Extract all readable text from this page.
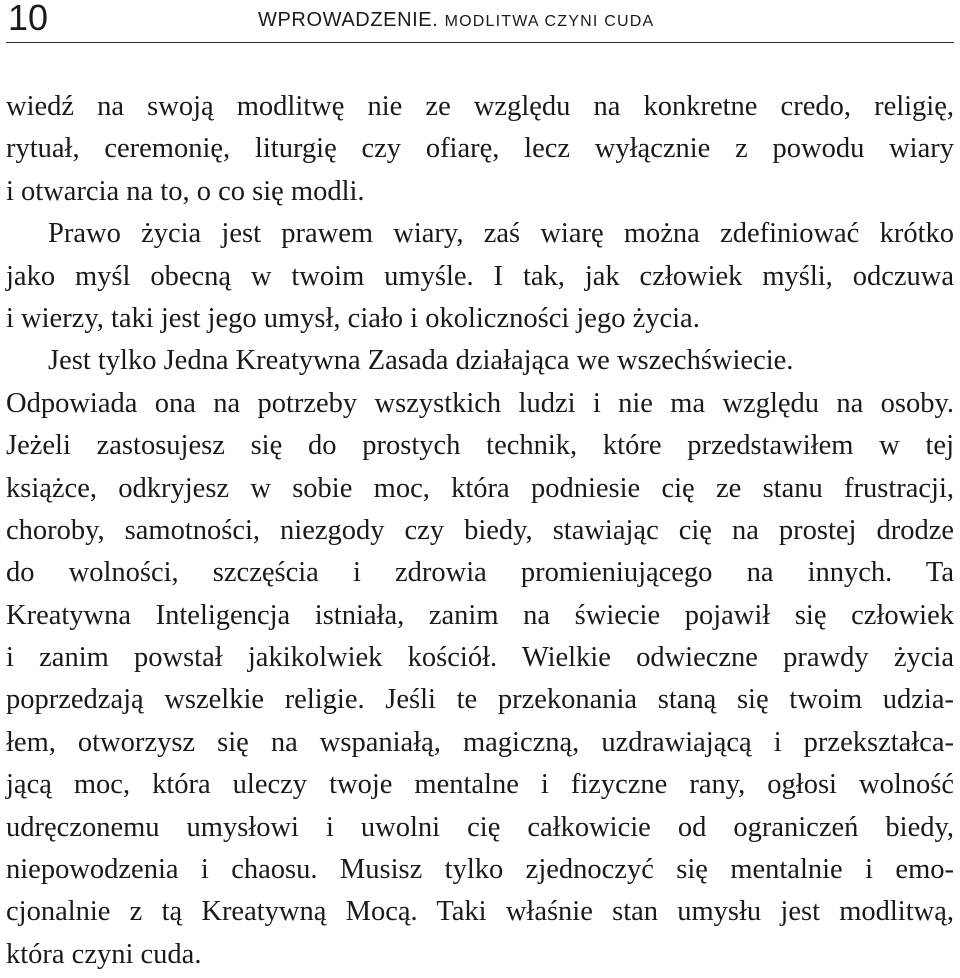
10	WPROWADZENIE. MODLITWA CZYNI CUDA
wiedź na swoją modlitwę nie ze względu na konkretne credo, religię,
rytuał, ceremonię, liturgię czy ofiarę, lecz wyłącznie z powodu wiary
i otwarcia na to, o co się modli.
Prawo życia jest prawem wiary, zaś wiarę można zdefiniować krótko
jako myśl obecną w twoim umyśle. I tak, jak człowiek myśli, odczuwa
i wierzy, taki jest jego umysł, ciało i okoliczności jego życia.
Jest tylko Jedna Kreatywna Zasada działająca we wszechświecie.
Odpowiada ona na potrzeby wszystkich ludzi i nie ma względu na osoby.
Jeżeli zastosujesz się do prostych technik, które przedstawiłem w tej
książce, odkryjesz w sobie moc, która podniesie cię ze stanu frustracji,
choroby, samotności, niezgody czy biedy, stawiając cię na prostej drodze
do wolności, szczęścia i zdrowia promieniującego na innych. Ta
Kreatywna Inteligencja istniała, zanim na świecie pojawił się człowiek
i zanim powstał jakikolwiek kościół. Wielkie odwieczne prawdy życia
poprzedzają wszelkie religie. Jeśli te przekonania staną się twoim udzia-
łem, otworzysz się na wspaniałą, magiczną, uzdrawiającą i przekształca-
jącą moc, która uleczy twoje mentalne i fizyczne rany, ogłosi wolność
udręczonemu umysłowi i uwolni cię całkowicie od ograniczeń biedy,
niepowodzenia i chaosu. Musisz tylko zjednoczyć się mentalnie i emo-
cjonalnie z tą Kreatywną Mocą. Taki właśnie stan umysłu jest modlitwą,
która czyni cuda.
